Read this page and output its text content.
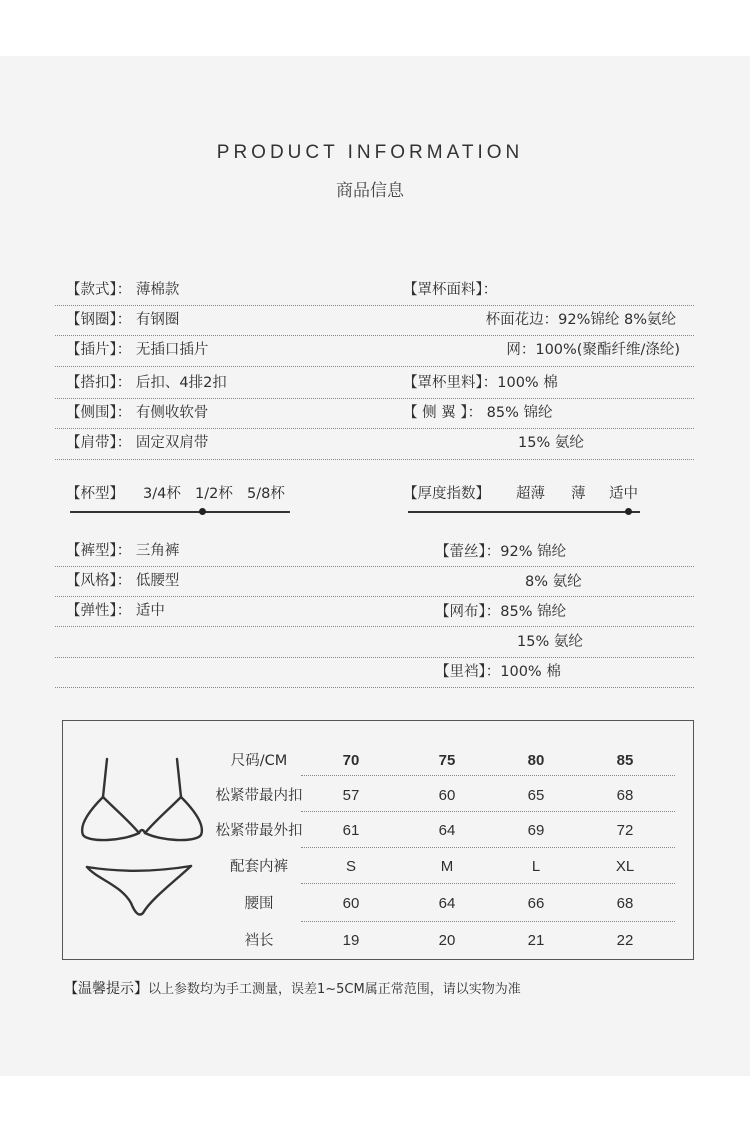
PRODUCT INFORMATION
商品信息
【款式】： 薄棉款
【钢圈】： 有钢圈
【插片】： 无插口插片
【搭扣】： 后扣、4排2扣
【侧围】： 有侧收软骨
【肩带】： 固定双肩带
【罩杯面料】：
杯面花边：92%锦纶 8%氨纶
网：100%(聚酯纤维/涤纶)
【罩杯里料】：100% 棉
【 侧 翼 】： 85% 锦纶
15% 氨纶
【杯型】 3/4杯 1/2杯 5/8杯	【厚度指数】 超薄 薄 适中
【裤型】： 三角裤
【风格】： 低腰型
【弹性】： 适中
【蕾丝】：92% 锦纶
8% 氨纶
【网布】：85% 锦纶
15% 氨纶
【里裆】：100% 棉
尺码/CM	70	75	80	85
松紧带最内扣	57	60	65	68
松紧带最外扣	61	64	69	72
配套内裤	S	M	L	XL
腰围	60	64	66	68
裆长	19	20	21	22
【温馨提示】以上参数均为手工测量，误差1~5CM属正常范围，请以实物为准
